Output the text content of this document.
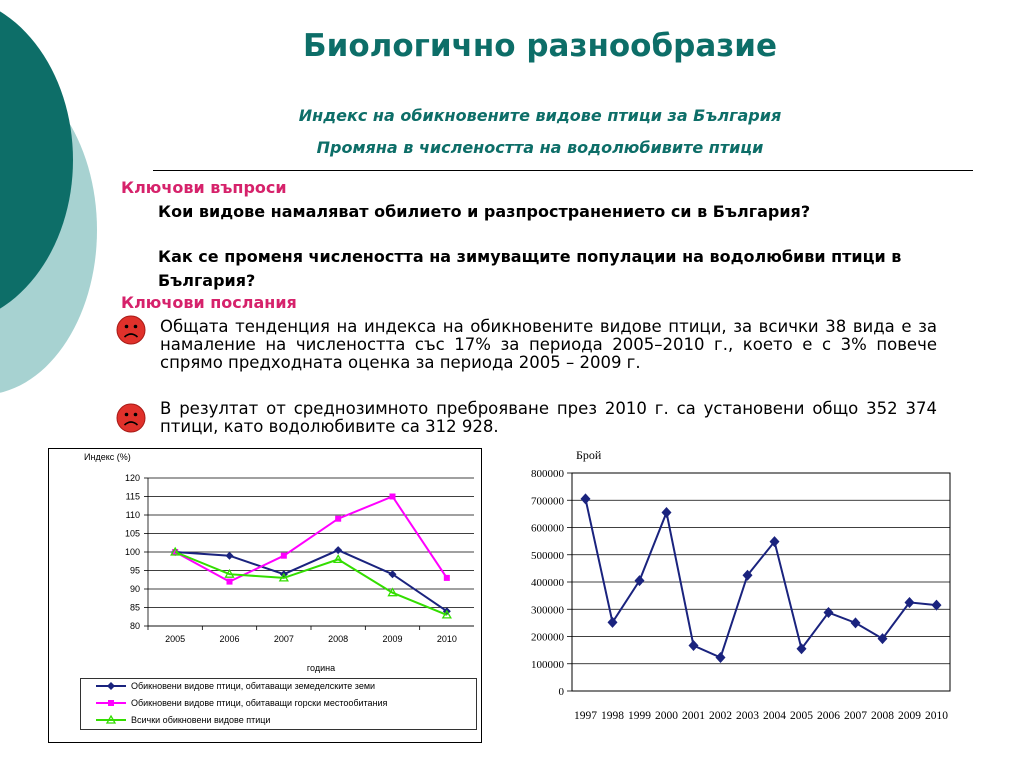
Биологично разнообразие
Индекс на обикновените видове птици за България
Промяна в числеността на водолюбивите птици
Ключови въпроси
Кои видове намаляват обилието и разпространението си в България?
Как се променя числеността на зимуващите популации на водолюбиви птици в България?
Ключови послания
Общата тенденция на индекса на обикновените видове птици, за всички 38 вида е за намаление на числеността със 17% за периода 2005–2010 г., което е с 3% повече спрямо предходната оценка за периода 2005 – 2009 г.
В резултат от среднозимното преброяване през 2010 г. са установени общо 352 374 птици, като водолюбивите са 312 928.
120
115
110
105
100
95
90
85
80
2005	2006	2007	2008	2009	2010
Индекс (%)
година
Обикновени видове птици, обитаващи земеделските земи
Обикновени видове птици, обитаващи горски местообитания
Всички обикновени видове птици
800000
700000
600000
500000
400000
300000
200000
100000
0
Брой
1997 1998 1999 2000 2001 2002 2003 2004 2005 2006 2007 2008 2009 2010
